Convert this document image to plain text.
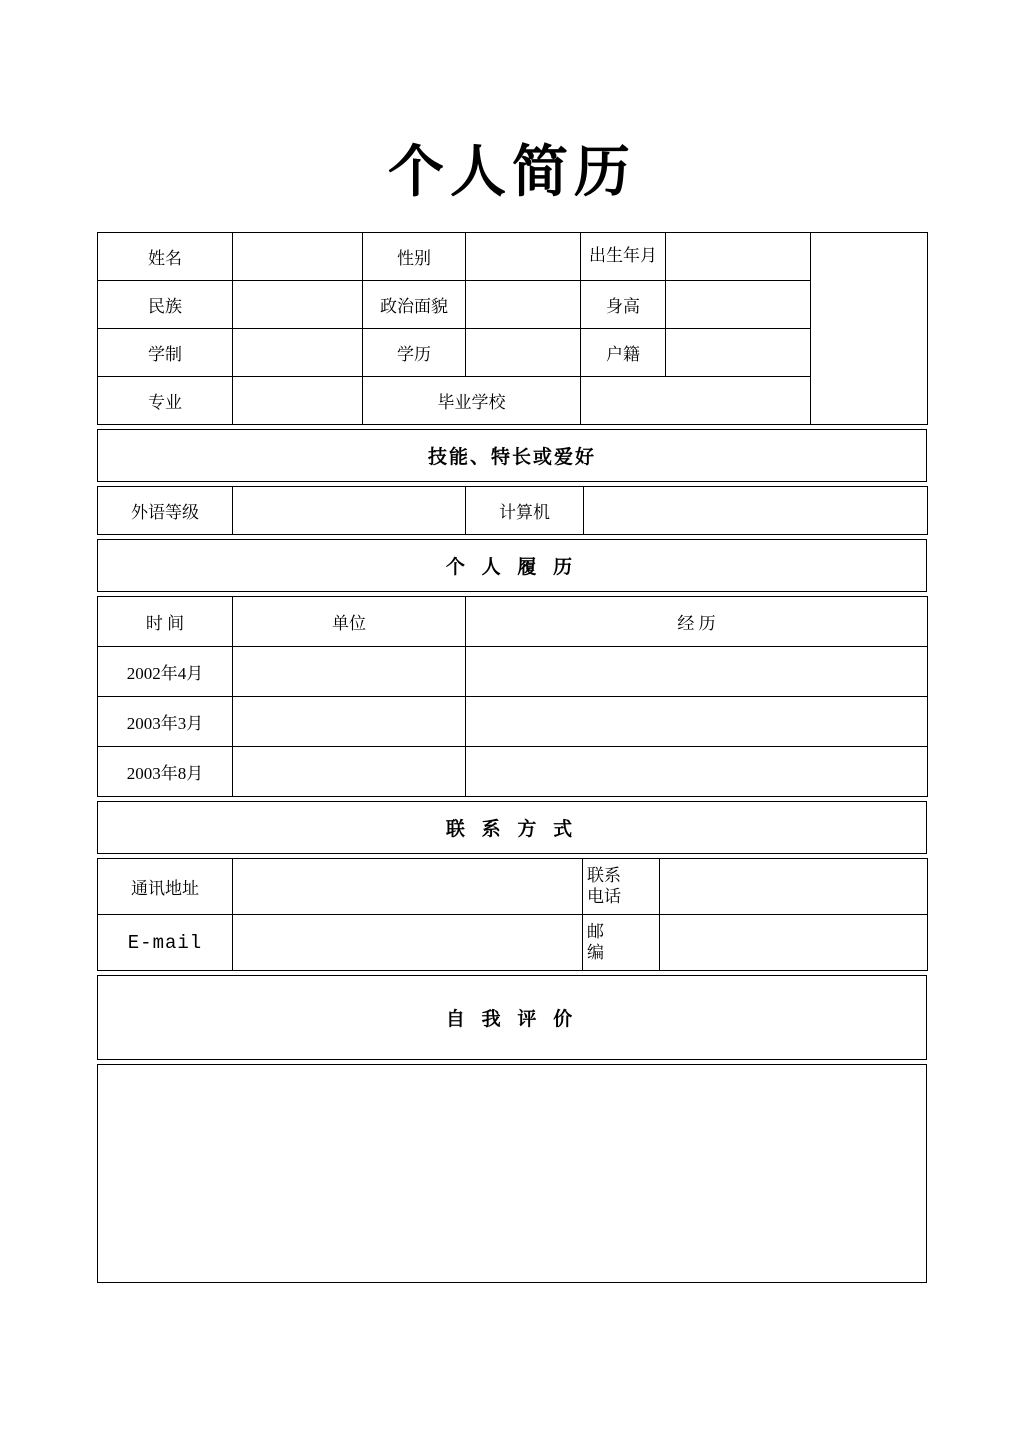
个人简历
姓名		性别		出生年月		
民族		政治面貌		身高		
学制		学历		户籍		
专业		毕业学校				
技能、特长或爱好
外语等级		计算机	
个 人 履 历
时 间	单位	经 历
2002年4月		
2003年3月		
2003年8月		
联 系 方 式
通讯地址		联系
电话	
E-mail		邮
编	
自 我 评 价
